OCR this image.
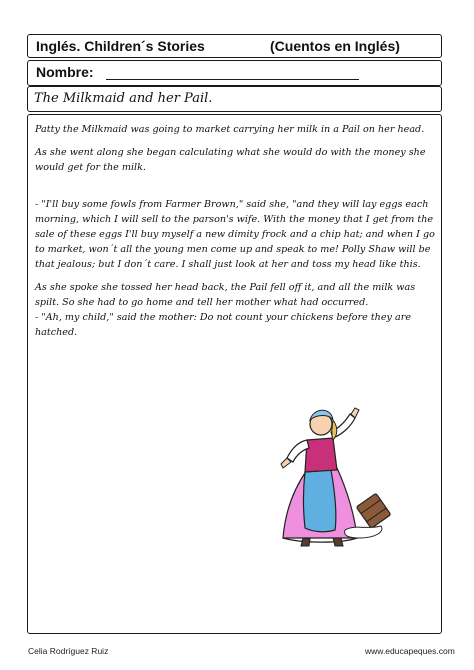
Inglés. Children´s Stories	(Cuentos en Inglés)
Nombre:
The Milkmaid and her Pail.

Patty the Milkmaid was going to market carrying her milk in a Pail on her head.

As she went along she began calculating what she would do with the money she would get for the milk.

- "I'll buy some fowls from Farmer Brown," said she, "and they will lay eggs each morning, which I will sell to the parson's wife. With the money that I get from the sale of these eggs I'll buy myself a new dimity frock and a chip hat; and when I go to market, won´t all the young men come up and speak to me! Polly Shaw will be that jealous; but I don´t care. I shall just look at her and toss my head like this.

As she spoke she tossed her head back, the Pail fell off it, and all the milk was spilt. So she had to go home and tell her mother what had occurred.

- "Ah, my child," said the mother: Do not count your chickens before they are hatched.

Celia Rodríguez Ruiz	www.educapeques.com
